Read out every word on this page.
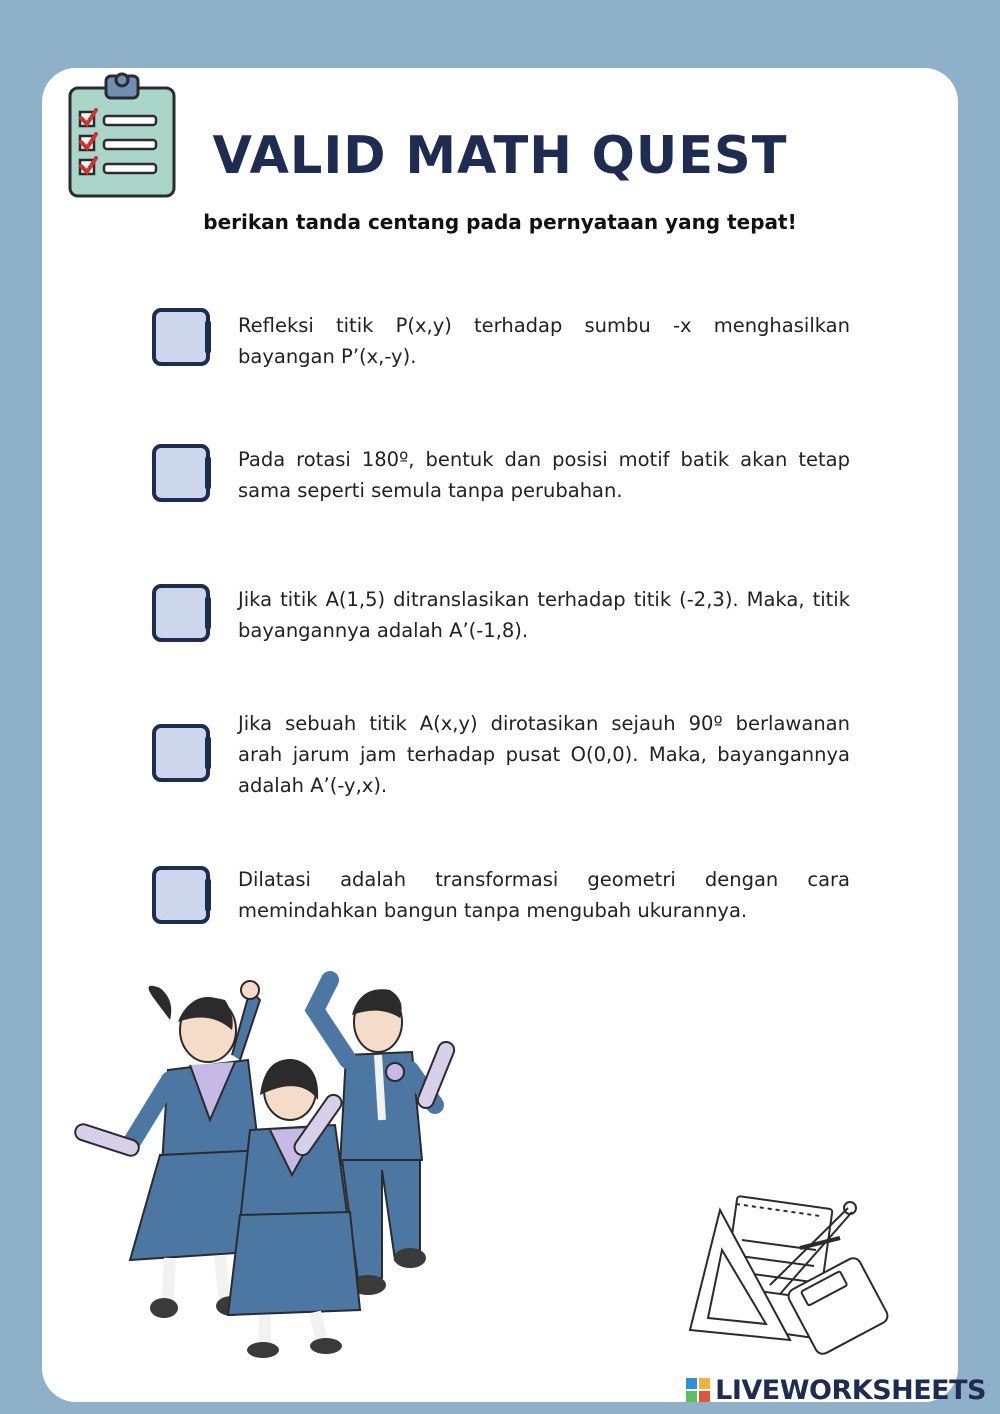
VALID MATH QUEST
berikan tanda centang pada pernyataan yang tepat!
Refleksi titik P(x,y) terhadap sumbu -x menghasilkan bayangan P’(x,-y).
Pada rotasi 180º, bentuk dan posisi motif batik akan tetap sama seperti semula tanpa perubahan.
Jika titik A(1,5) ditranslasikan terhadap titik (-2,3). Maka, titik bayangannya adalah A’(-1,8).
Jika sebuah titik A(x,y) dirotasikan sejauh 90º berlawanan arah jarum jam terhadap pusat O(0,0). Maka, bayangannya adalah A’(-y,x).
Dilatasi adalah transformasi geometri dengan cara memindahkan bangun tanpa mengubah ukurannya.
LIVEWORKSHEETS
